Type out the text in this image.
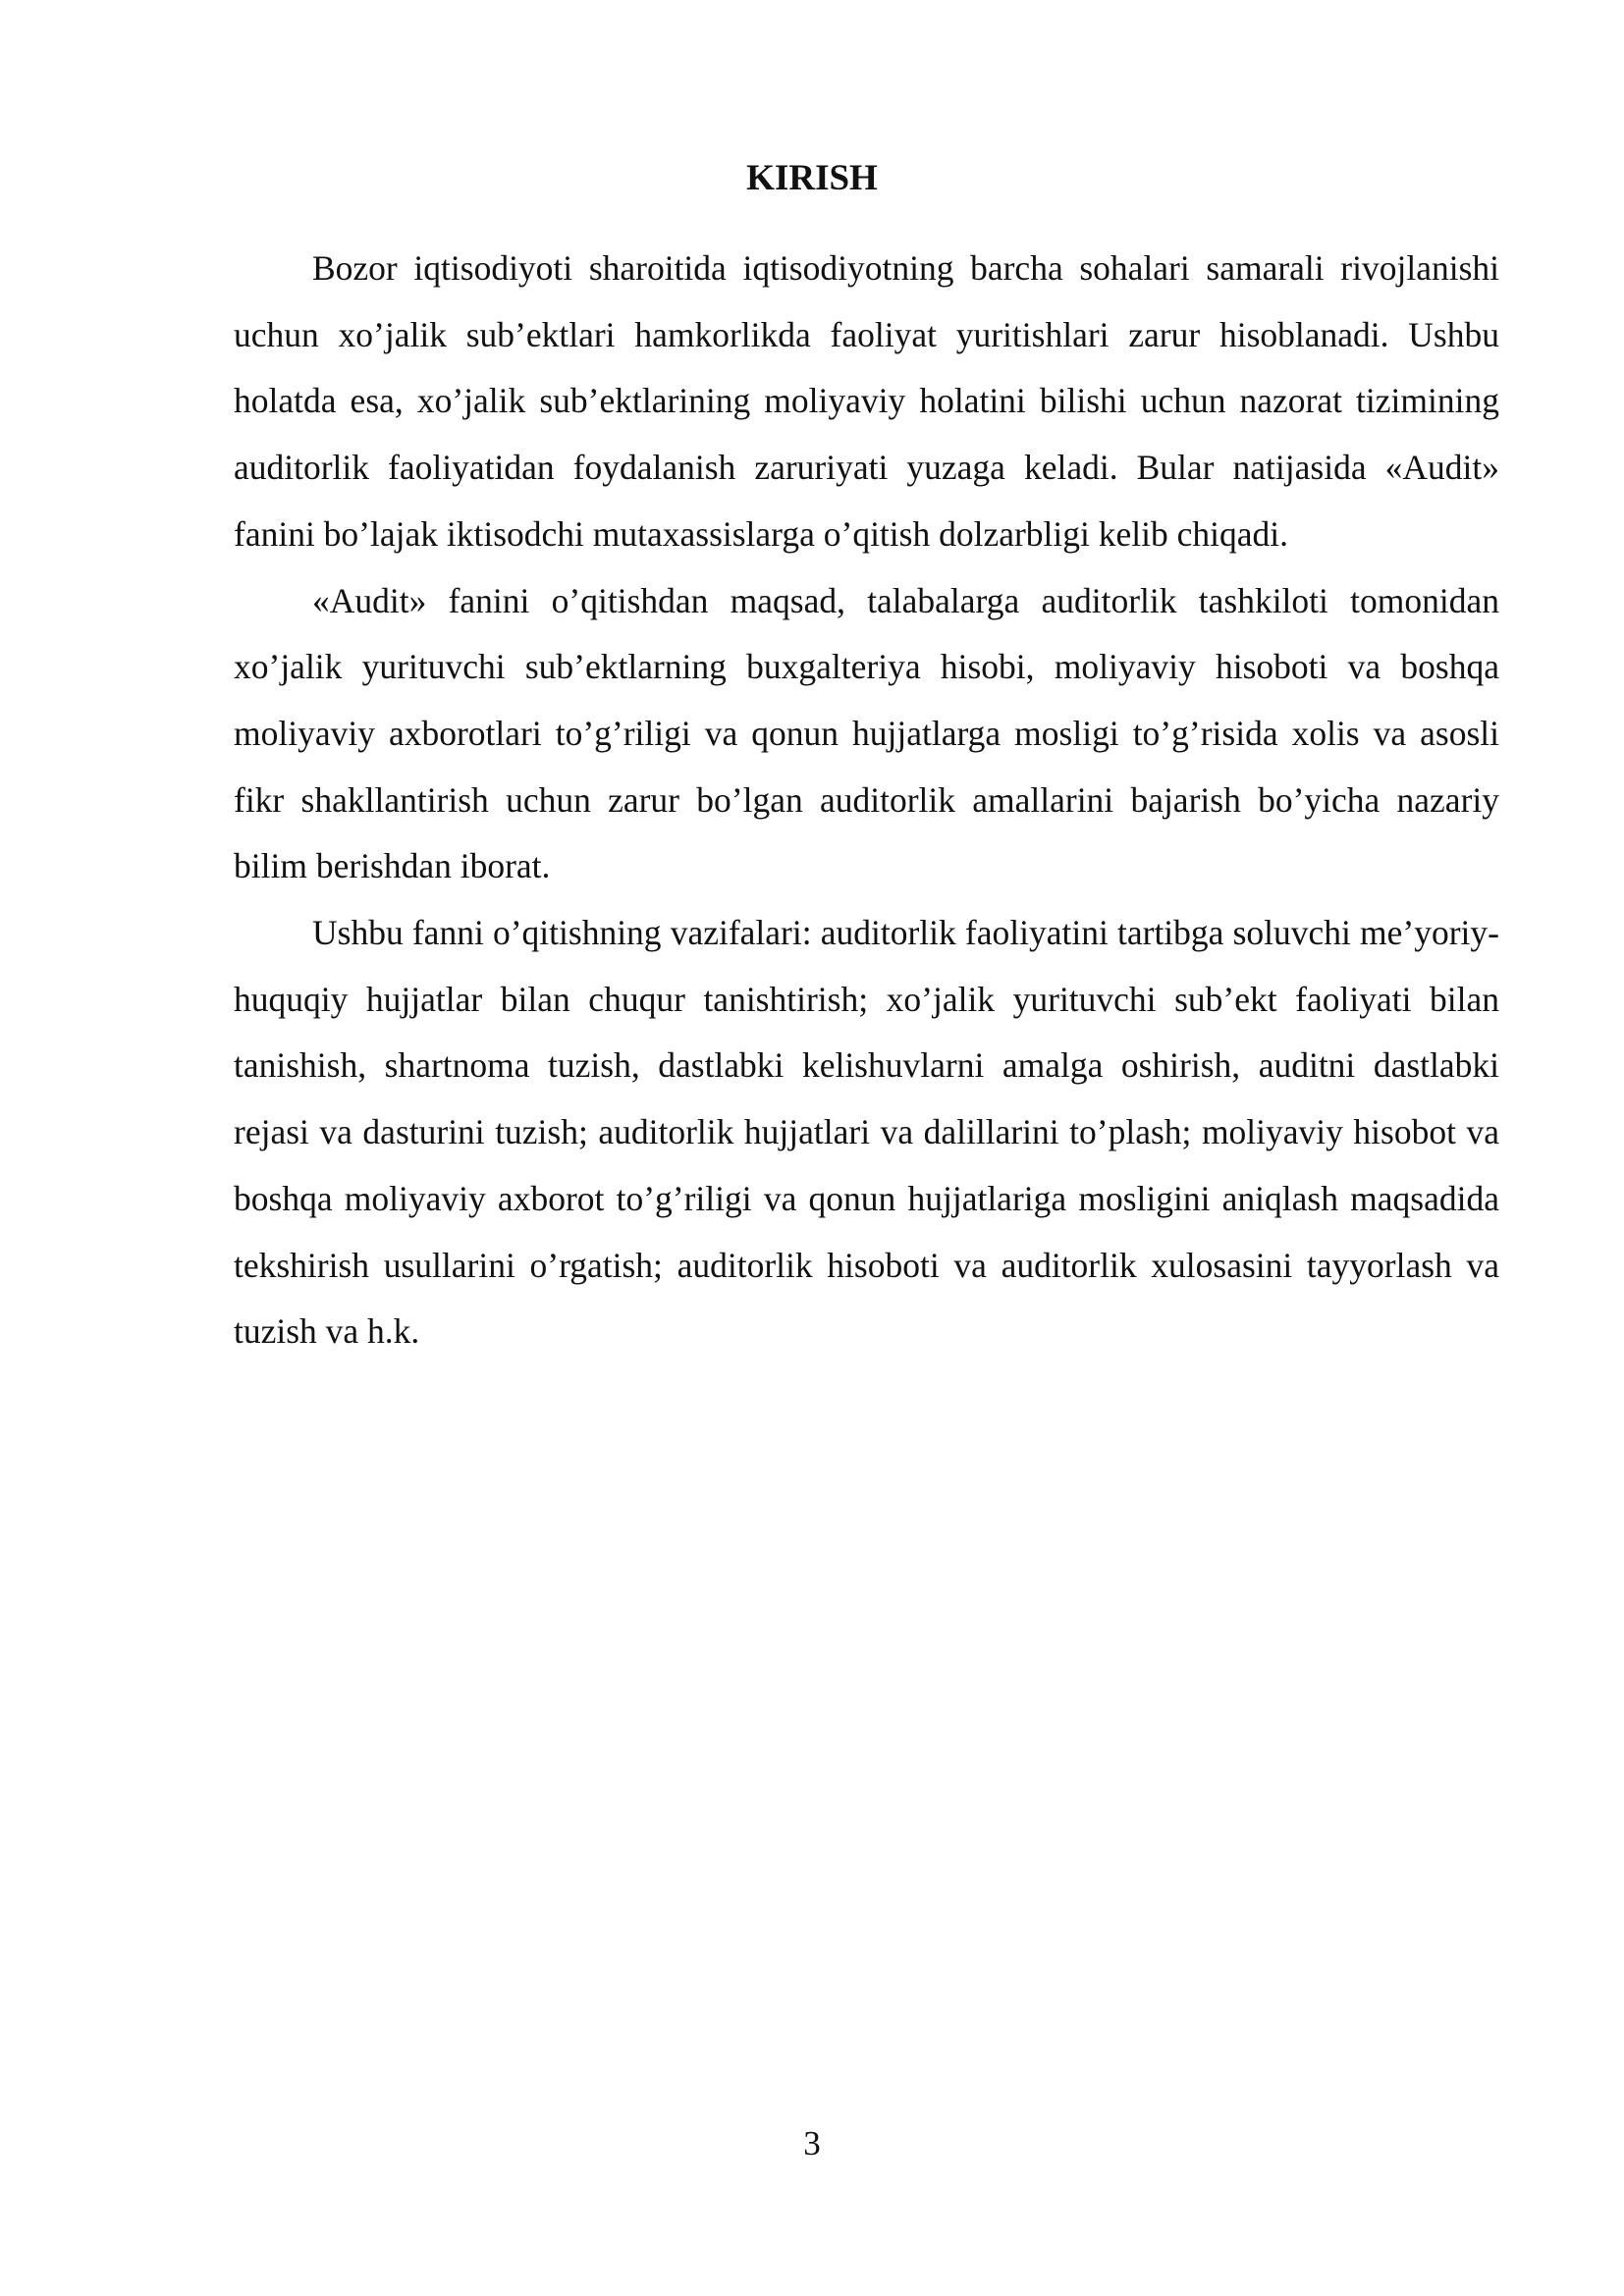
KIRISH

Bozor iqtisodiyoti sharoitida iqtisodiyotning barcha sohalari samarali rivojlanishi uchun xo’jalik sub’ektlari hamkorlikda faoliyat yuritishlari zarur hisoblanadi. Ushbu holatda esa, xo’jalik sub’ektlarining moliyaviy holatini bilishi uchun nazorat tizimining auditorlik faoliyatidan foydalanish zaruriyati yuzaga keladi. Bular natijasida «Audit» fanini bo’lajak iktisodchi mutaxassislarga o’qitish dolzarbligi kelib chiqadi.

«Audit» fanini o’qitishdan maqsad, talabalarga auditorlik tashkiloti tomonidan xo’jalik yurituvchi sub’ektlarning buxgalteriya hisobi, moliyaviy hisoboti va boshqa moliyaviy axborotlari to’g’riligi va qonun hujjatlarga mosligi to’g’risida xolis va asosli fikr shakllantirish uchun zarur bo’lgan auditorlik amallarini bajarish bo’yicha nazariy bilim berishdan iborat.

Ushbu fanni o’qitishning vazifalari: auditorlik faoliyatini tartibga soluvchi me’yoriy-huquqiy hujjatlar bilan chuqur tanishtirish; xo’jalik yurituvchi sub’ekt faoliyati bilan tanishish, shartnoma tuzish, dastlabki kelishuvlarni amalga oshirish, auditni dastlabki rejasi va dasturini tuzish; auditorlik hujjatlari va dalillarini to’plash; moliyaviy hisobot va boshqa moliyaviy axborot to’g’riligi va qonun hujjatlariga mosligini aniqlash maqsadida tekshirish usullarini o’rgatish; auditorlik hisoboti va auditorlik xulosasini tayyorlash va tuzish va h.k.

3
